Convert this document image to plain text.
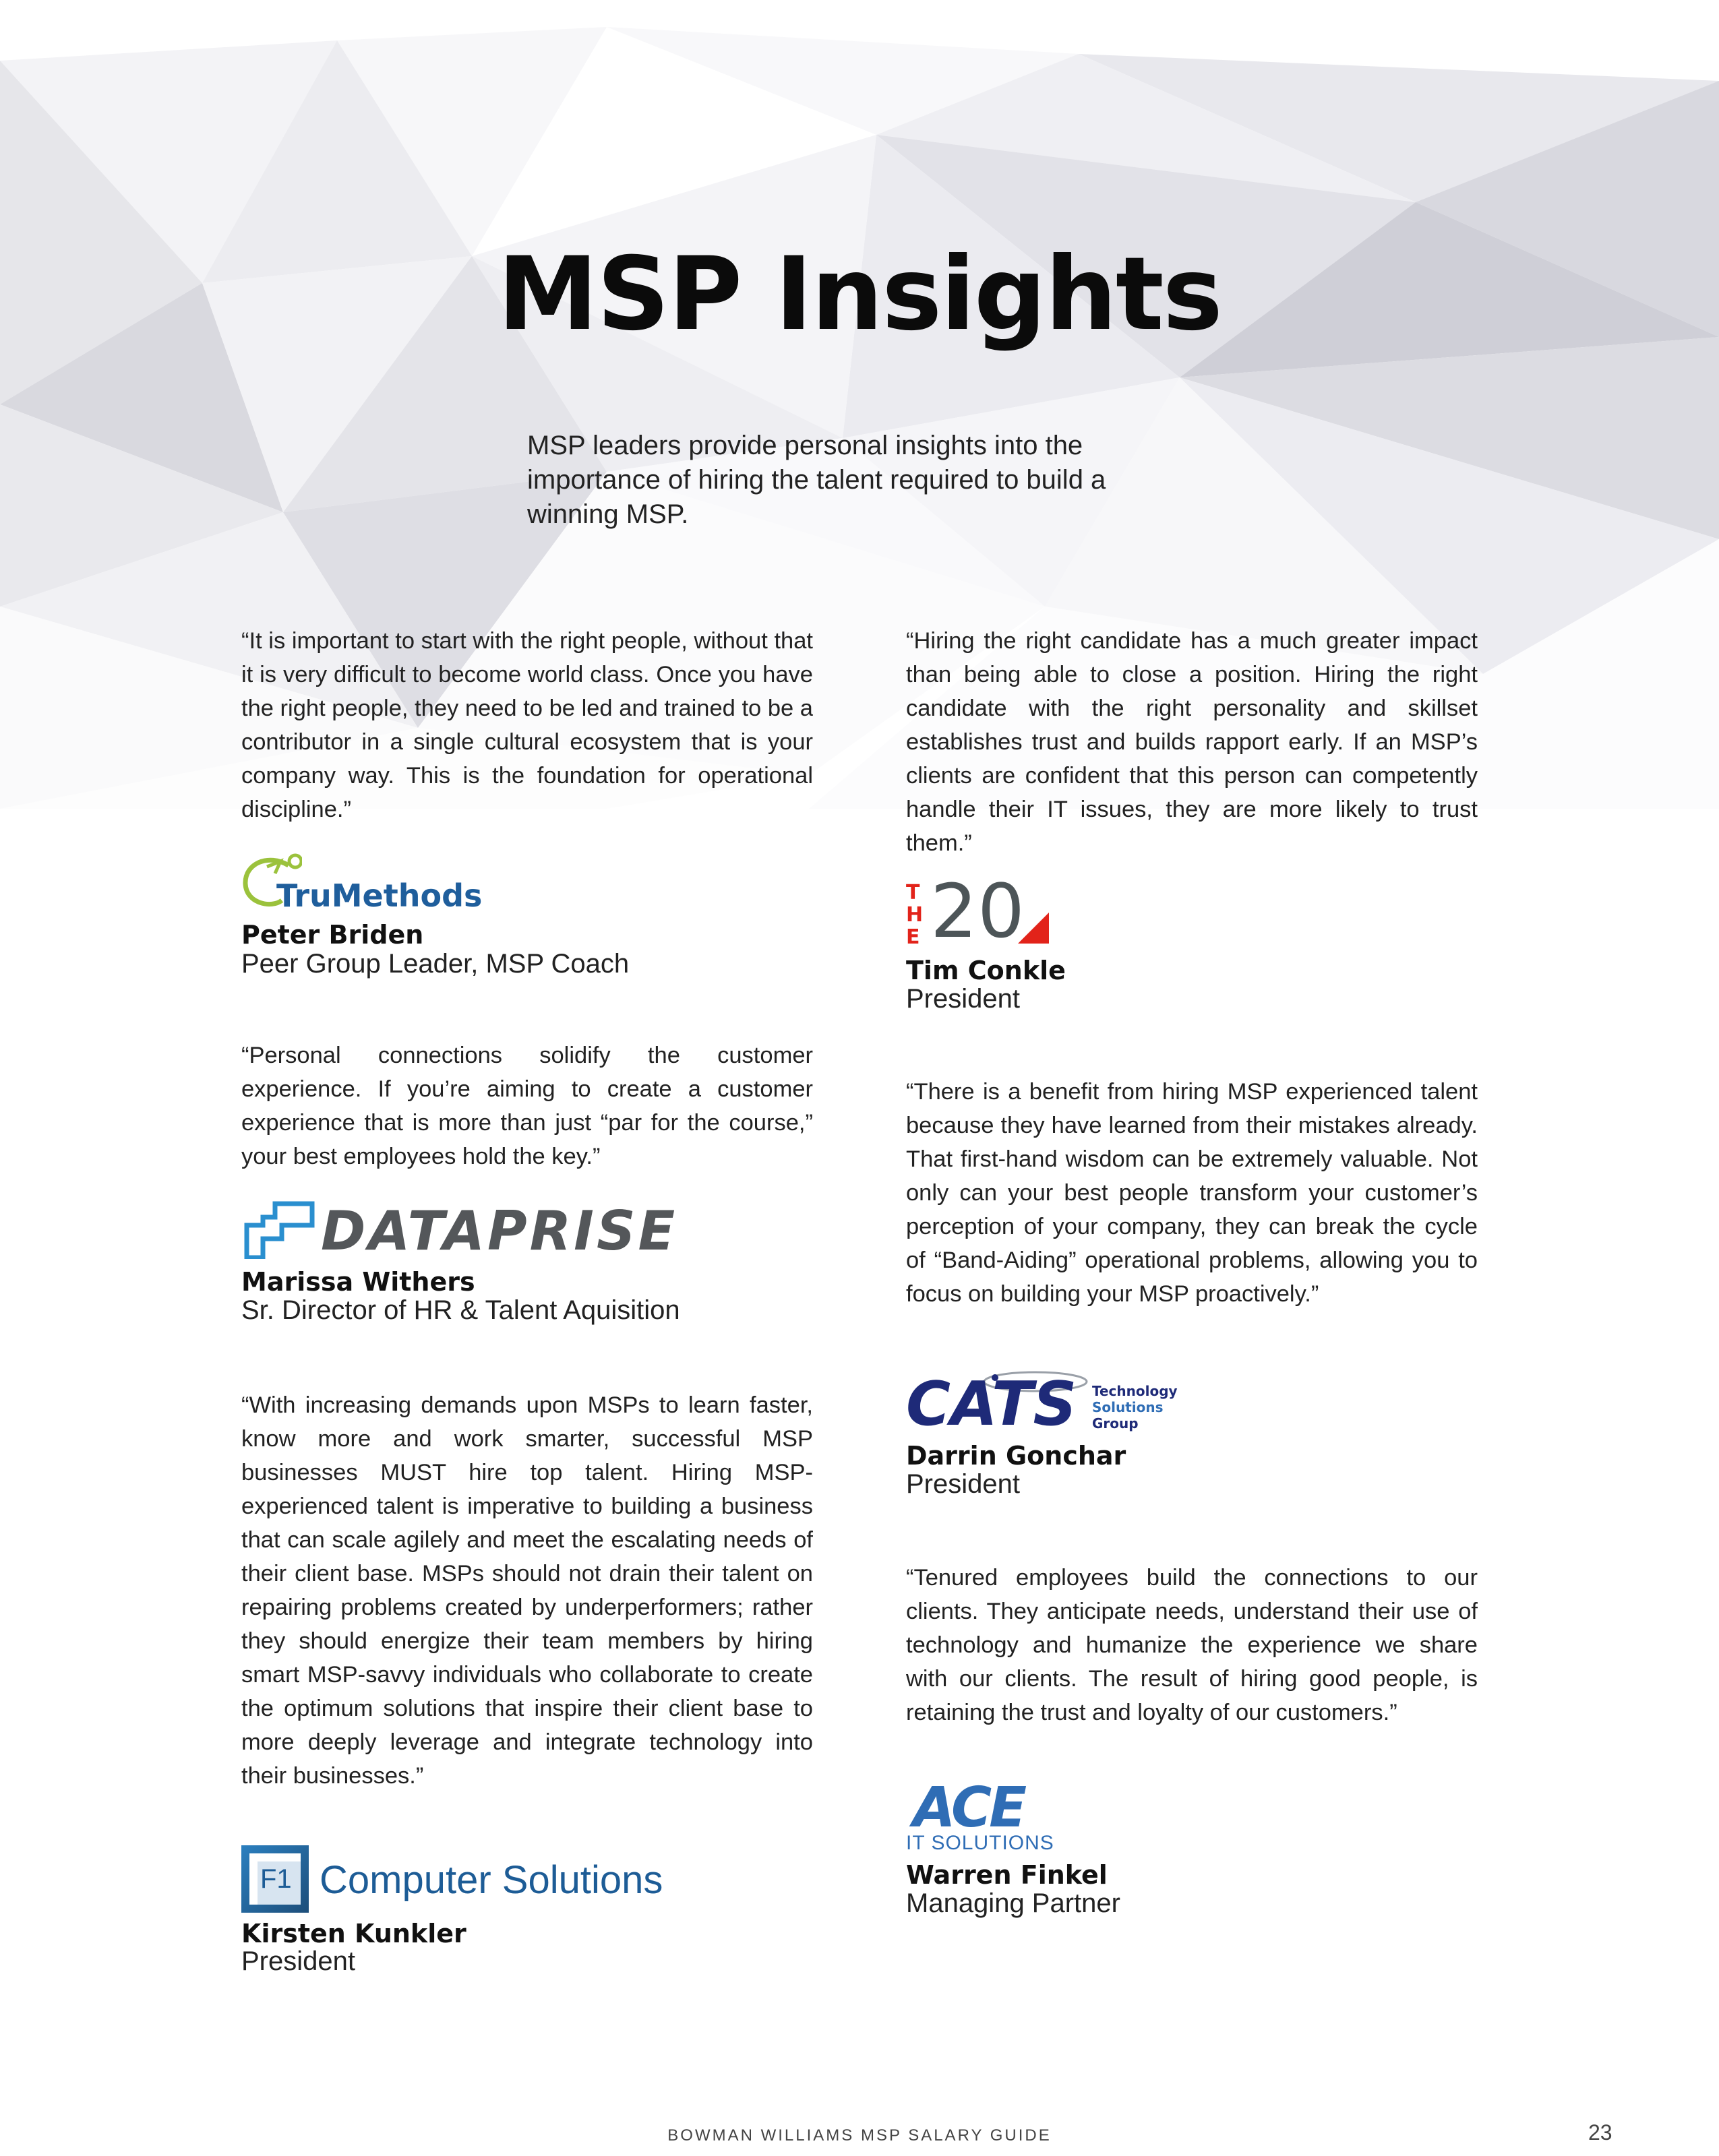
MSP Insights
MSP leaders provide personal insights into the importance of hiring the talent required to build a winning MSP.

“It is important to start with the right people, without that it is very difficult to become world class. Once you have the right people, they need to be led and trained to be a contributor in a single cultural ecosystem that is your company way. This is the foundation for operational discipline.”

TruMethods
Peter Briden
Peer Group Leader, MSP Coach

“Personal connections solidify the customer experience. If you’re aiming to create a customer experience that is more than just “par for the course,” your best employees hold the key.”

DATAPRISE
Marissa Withers
Sr. Director of HR & Talent Aquisition

“With increasing demands upon MSPs to learn faster, know more and work smarter, successful MSP businesses MUST hire top talent. Hiring MSP-experienced talent is imperative to building a business that can scale agilely and meet the escalating needs of their client base. MSPs should not drain their talent on repairing problems created by underperformers; rather they should energize their team members by hiring smart MSP-savvy individuals who collaborate to create the optimum solutions that inspire their client base to more deeply leverage and integrate technology into their businesses.”

F1 Computer Solutions
Kirsten Kunkler
President

“Hiring the right candidate has a much greater impact than being able to close a position. Hiring the right candidate with the right personality and skillset establishes trust and builds rapport early. If an MSP’s clients are confident that this person can competently handle their IT issues, they are more likely to trust them.”

THE 20
Tim Conkle
President

“There is a benefit from hiring MSP experienced talent because they have learned from their mistakes already. That first-hand wisdom can be extremely valuable. Not only can your best people transform your customer’s perception of your company, they can break the cycle of “Band-Aiding” operational problems, allowing you to focus on building your MSP proactively.”

CATS Technology
Solutions
Group
Darrin Gonchar
President

“Tenured employees build the connections to our clients. They anticipate needs, understand their use of technology and humanize the experience we share with our clients. The result of hiring good people, is retaining the trust and loyalty of our customers.”

ACE
IT SOLUTIONS
Warren Finkel
Managing Partner
BOWMAN WILLIAMS MSP SALARY GUIDE	23
